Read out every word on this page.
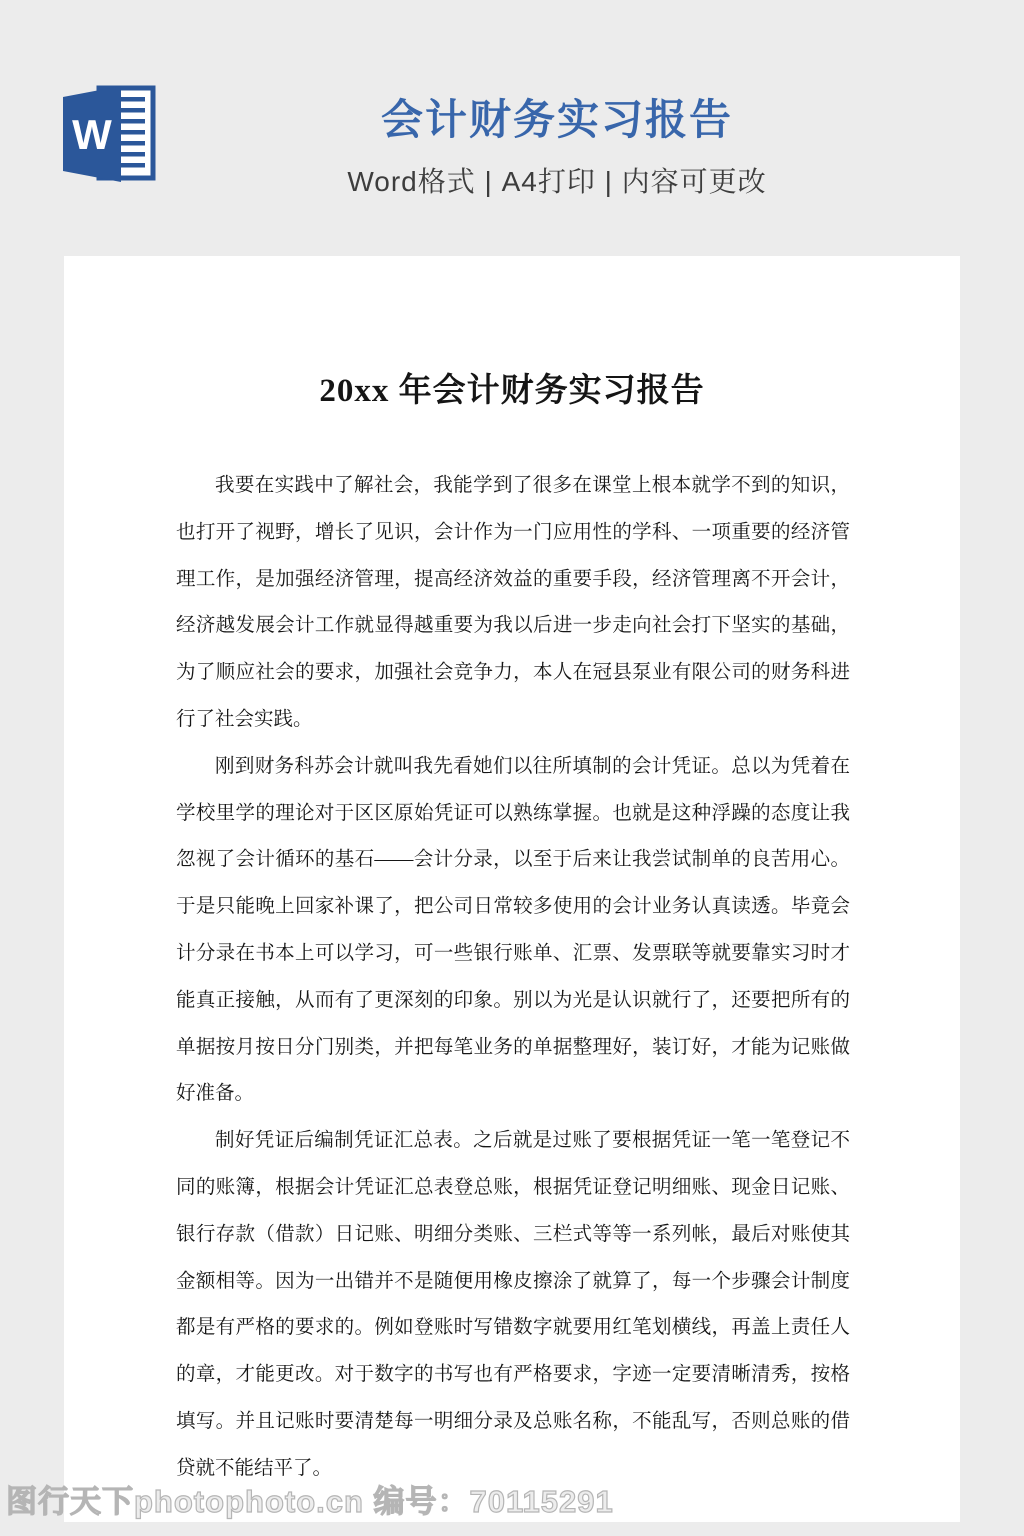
W	会计财务实习报告
Word格式 | A4打印 | 内容可更改
20xx 年会计财务实习报告

我要在实践中了解社会，我能学到了很多在课堂上根本就学不到的知识，也打开了视野，增长了见识，会计作为一门应用性的学科、一项重要的经济管理工作，是加强经济管理，提高经济效益的重要手段，经济管理离不开会计，经济越发展会计工作就显得越重要为我以后进一步走向社会打下坚实的基础，为了顺应社会的要求，加强社会竞争力，本人在冠县泵业有限公司的财务科进行了社会实践。

刚到财务科苏会计就叫我先看她们以往所填制的会计凭证。总以为凭着在学校里学的理论对于区区原始凭证可以熟练掌握。也就是这种浮躁的态度让我忽视了会计循环的基石——会计分录，以至于后来让我尝试制单的良苦用心。于是只能晚上回家补课了，把公司日常较多使用的会计业务认真读透。毕竟会计分录在书本上可以学习，可一些银行账单、汇票、发票联等就要靠实习时才能真正接触，从而有了更深刻的印象。别以为光是认识就行了，还要把所有的单据按月按日分门别类，并把每笔业务的单据整理好，装订好，才能为记账做好准备。

制好凭证后编制凭证汇总表。之后就是过账了要根据凭证一笔一笔登记不同的账簿，根据会计凭证汇总表登总账，根据凭证登记明细账、现金日记账、银行存款（借款）日记账、明细分类账、三栏式等等一系列帐，最后对账使其金额相等。因为一出错并不是随便用橡皮擦涂了就算了，每一个步骤会计制度都是有严格的要求的。例如登账时写错数字就要用红笔划横线，再盖上责任人的章，才能更改。对于数字的书写也有严格要求，字迹一定要清晰清秀，按格填写。并且记账时要清楚每一明细分录及总账名称，不能乱写，否则总账的借贷就不能结平了。

图行天下photophoto.cn 编号：70115291
